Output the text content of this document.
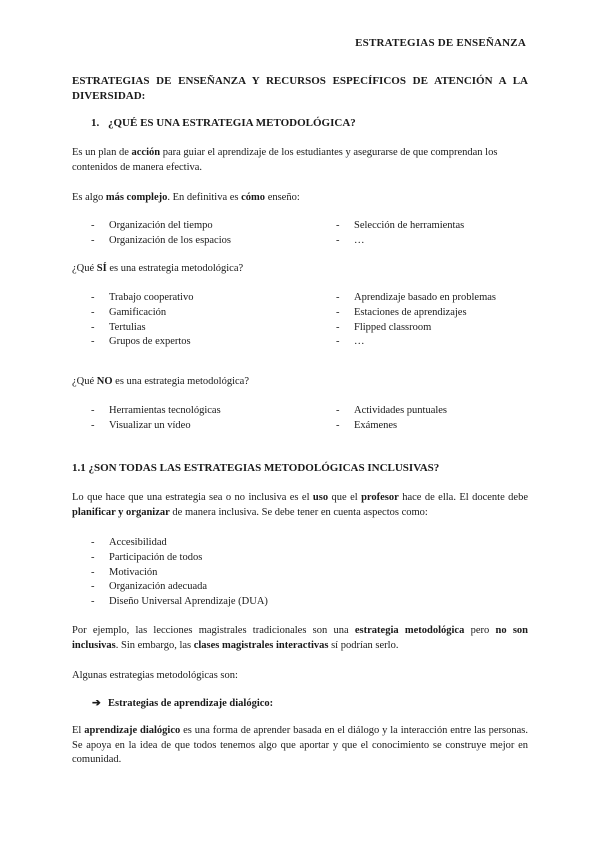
ESTRATEGIAS DE ENSEÑANZA
ESTRATEGIAS DE ENSEÑANZA Y RECURSOS ESPECÍFICOS DE ATENCIÓN A LA DIVERSIDAD:
1. ¿QUÉ ES UNA ESTRATEGIA METODOLÓGICA?
Es un plan de acción para guiar el aprendizaje de los estudiantes y asegurarse de que comprendan los contenidos de manera efectiva.
Es algo más complejo. En definitiva es cómo enseño:
- Organización del tiempo
- Organización de los espacios
- Selección de herramientas
- …
¿Qué SÍ es una estrategia metodológica?
- Trabajo cooperativo
- Gamificación
- Tertulias
- Grupos de expertos
- Aprendizaje basado en problemas
- Estaciones de aprendizajes
- Flipped classroom
- …
¿Qué NO es una estrategia metodológica?
- Herramientas tecnológicas
- Visualizar un vídeo
- Actividades puntuales
- Exámenes
1.1 ¿SON TODAS LAS ESTRATEGIAS METODOLÓGICAS INCLUSIVAS?
Lo que hace que una estrategia sea o no inclusiva es el uso que el profesor hace de ella. El docente debe planificar y organizar de manera inclusiva. Se debe tener en cuenta aspectos como:
- Accesibilidad
- Participación de todos
- Motivación
- Organización adecuada
- Diseño Universal Aprendizaje (DUA)
Por ejemplo, las lecciones magistrales tradicionales son una estrategia metodológica pero no son inclusivas. Sin embargo, las clases magistrales interactivas sí podrían serlo.
Algunas estrategias metodológicas son:
➔ Estrategias de aprendizaje dialógico:
El aprendizaje dialógico es una forma de aprender basada en el diálogo y la interacción entre las personas. Se apoya en la idea de que todos tenemos algo que aportar y que el conocimiento se construye mejor en comunidad.
